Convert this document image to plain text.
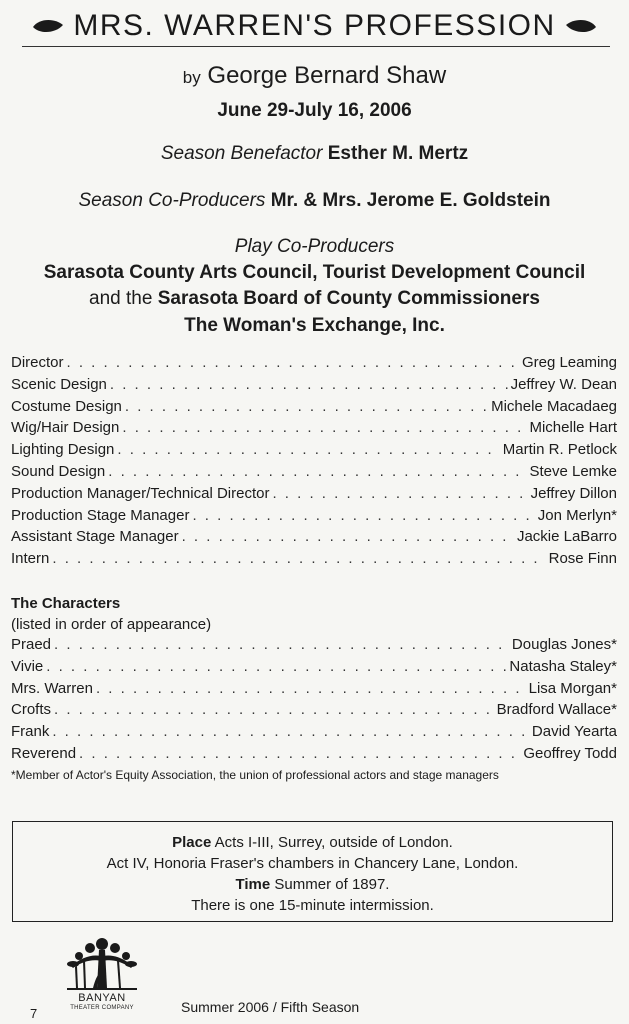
MRS. WARREN'S PROFESSION
by George Bernard Shaw
June 29-July 16, 2006
Season Benefactor Esther M. Mertz
Season Co-Producers Mr. & Mrs. Jerome E. Goldstein
Play Co-Producers
Sarasota County Arts Council, Tourist Development Council
and the Sarasota Board of County Commissioners
The Woman's Exchange, Inc.
Director . . .	Greg Leaming
Scenic Design . . .	Jeffrey W. Dean
Costume Design . . .	Michele Macadaeg
Wig/Hair Design . . .	Michelle Hart
Lighting Design . . .	Martin R. Petlock
Sound Design . . .	Steve Lemke
Production Manager/Technical Director . . .	Jeffrey Dillon
Production Stage Manager . . .	Jon Merlyn*
Assistant Stage Manager . . .	Jackie LaBarro
Intern . . .	Rose Finn
The Characters
(listed in order of appearance)
Praed . . .	Douglas Jones*
Vivie . . .	Natasha Staley*
Mrs. Warren . . .	Lisa Morgan*
Crofts . . .	Bradford Wallace*
Frank . . .	David Yearta
Reverend . . .	Geoffrey Todd
*Member of Actor's Equity Association, the union of professional actors and stage managers
Place Acts I-III, Surrey, outside of London.
Act IV, Honoria Fraser's chambers in Chancery Lane, London.
Time Summer of 1897.
There is one 15-minute intermission.
BANYAN
THEATER COMPANY
7	Summer 2006 / Fifth Season
